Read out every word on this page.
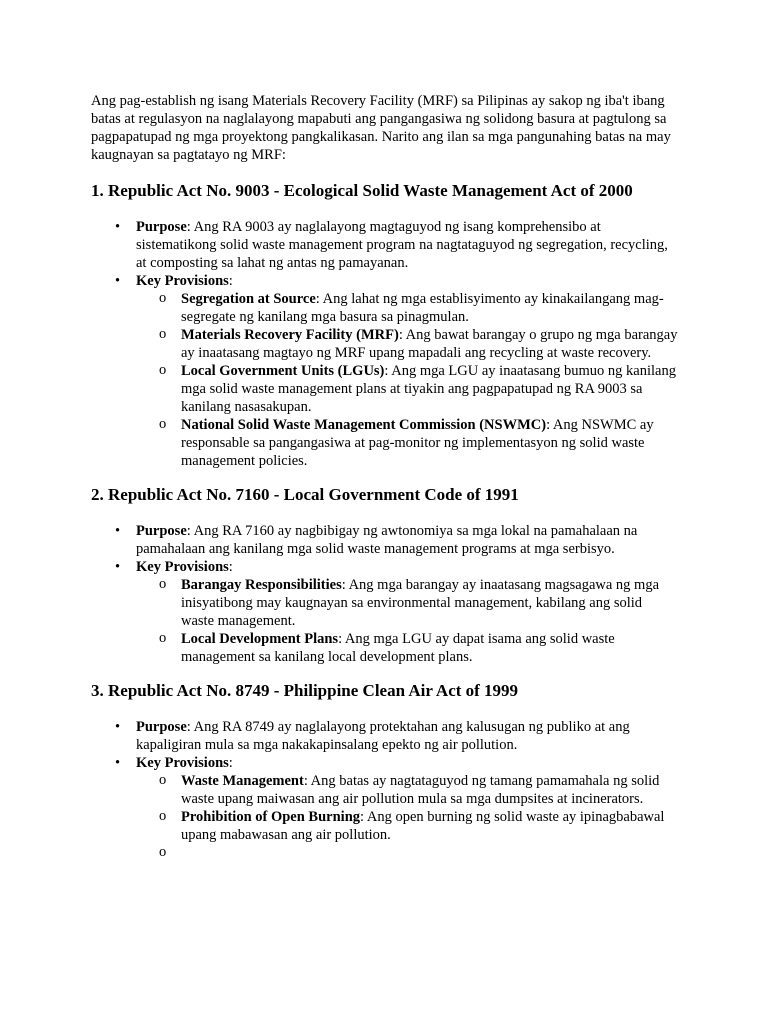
Ang pag-establish ng isang Materials Recovery Facility (MRF) sa Pilipinas ay sakop ng iba't ibang batas at regulasyon na naglalayong mapabuti ang pangangasiwa ng solidong basura at pagtulong sa pagpapatupad ng mga proyektong pangkalikasan. Narito ang ilan sa mga pangunahing batas na may kaugnayan sa pagtatayo ng MRF:

1. Republic Act No. 9003 - Ecological Solid Waste Management Act of 2000
• Purpose: Ang RA 9003 ay naglalayong magtaguyod ng isang komprehensibo at sistematikong solid waste management program na nagtataguyod ng segregation, recycling, at composting sa lahat ng antas ng pamayanan.
• Key Provisions:
o Segregation at Source: Ang lahat ng mga establisyimento ay kinakailangang mag-segregate ng kanilang mga basura sa pinagmulan.
o Materials Recovery Facility (MRF): Ang bawat barangay o grupo ng mga barangay ay inaatasang magtayo ng MRF upang mapadali ang recycling at waste recovery.
o Local Government Units (LGUs): Ang mga LGU ay inaatasang bumuo ng kanilang mga solid waste management plans at tiyakin ang pagpapatupad ng RA 9003 sa kanilang nasasakupan.
o National Solid Waste Management Commission (NSWMC): Ang NSWMC ay responsable sa pangangasiwa at pag-monitor ng implementasyon ng solid waste management policies.
2. Republic Act No. 7160 - Local Government Code of 1991
• Purpose: Ang RA 7160 ay nagbibigay ng awtonomiya sa mga lokal na pamahalaan na pamahalaan ang kanilang mga solid waste management programs at mga serbisyo.
• Key Provisions:
o Barangay Responsibilities: Ang mga barangay ay inaatasang magsagawa ng mga inisyatibong may kaugnayan sa environmental management, kabilang ang solid waste management.
o Local Development Plans: Ang mga LGU ay dapat isama ang solid waste management sa kanilang local development plans.
3. Republic Act No. 8749 - Philippine Clean Air Act of 1999
• Purpose: Ang RA 8749 ay naglalayong protektahan ang kalusugan ng publiko at ang kapaligiran mula sa mga nakakapinsalang epekto ng air pollution.
• Key Provisions:
o Waste Management: Ang batas ay nagtataguyod ng tamang pamamahala ng solid waste upang maiwasan ang air pollution mula sa mga dumpsites at incinerators.
o Prohibition of Open Burning: Ang open burning ng solid waste ay ipinagbabawal upang mabawasan ang air pollution.
o
